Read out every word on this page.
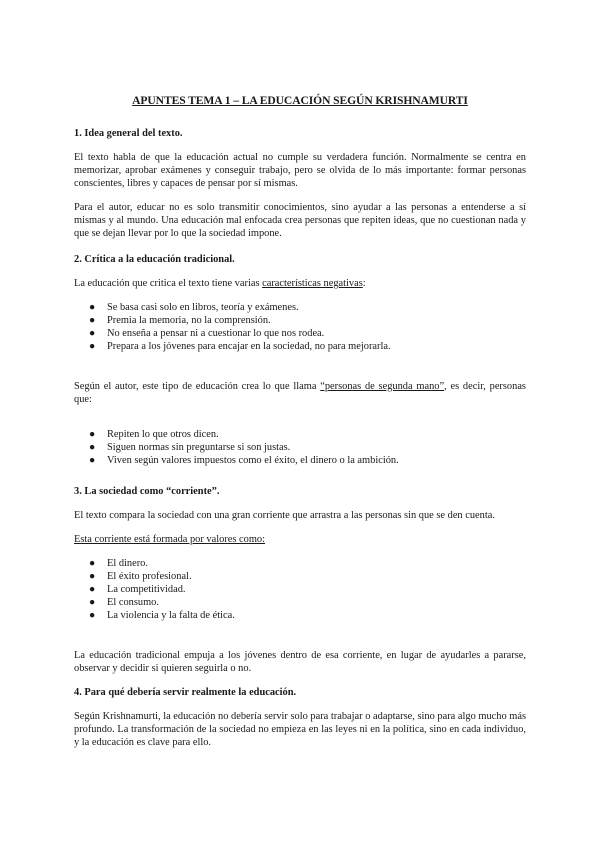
APUNTES TEMA 1 – LA EDUCACIÓN SEGÚN KRISHNAMURTI
1. Idea general del texto.
El texto habla de que la educación actual no cumple su verdadera función. Normalmente se centra en memorizar, aprobar exámenes y conseguir trabajo, pero se olvida de lo más importante: formar personas conscientes, libres y capaces de pensar por sí mismas.
Para el autor, educar no es solo transmitir conocimientos, sino ayudar a las personas a entenderse a sí mismas y al mundo. Una educación mal enfocada crea personas que repiten ideas, que no cuestionan nada y que se dejan llevar por lo que la sociedad impone.
2. Crítica a la educación tradicional.
La educación que critica el texto tiene varias características negativas:
● Se basa casi solo en libros, teoría y exámenes.
● Premia la memoria, no la comprensión.
● No enseña a pensar ni a cuestionar lo que nos rodea.
● Prepara a los jóvenes para encajar en la sociedad, no para mejorarla.
Según el autor, este tipo de educación crea lo que llama “personas de segunda mano”, es decir, personas que:
● Repiten lo que otros dicen.
● Siguen normas sin preguntarse si son justas.
● Viven según valores impuestos como el éxito, el dinero o la ambición.
3. La sociedad como “corriente”.
El texto compara la sociedad con una gran corriente que arrastra a las personas sin que se den cuenta.
Esta corriente está formada por valores como:
● El dinero.
● El éxito profesional.
● La competitividad.
● El consumo.
● La violencia y la falta de ética.
La educación tradicional empuja a los jóvenes dentro de esa corriente, en lugar de ayudarles a pararse, observar y decidir si quieren seguirla o no.
4. Para qué debería servir realmente la educación.
Según Krishnamurti, la educación no debería servir solo para trabajar o adaptarse, sino para algo mucho más profundo. La transformación de la sociedad no empieza en las leyes ni en la política, sino en cada individuo, y la educación es clave para ello.
